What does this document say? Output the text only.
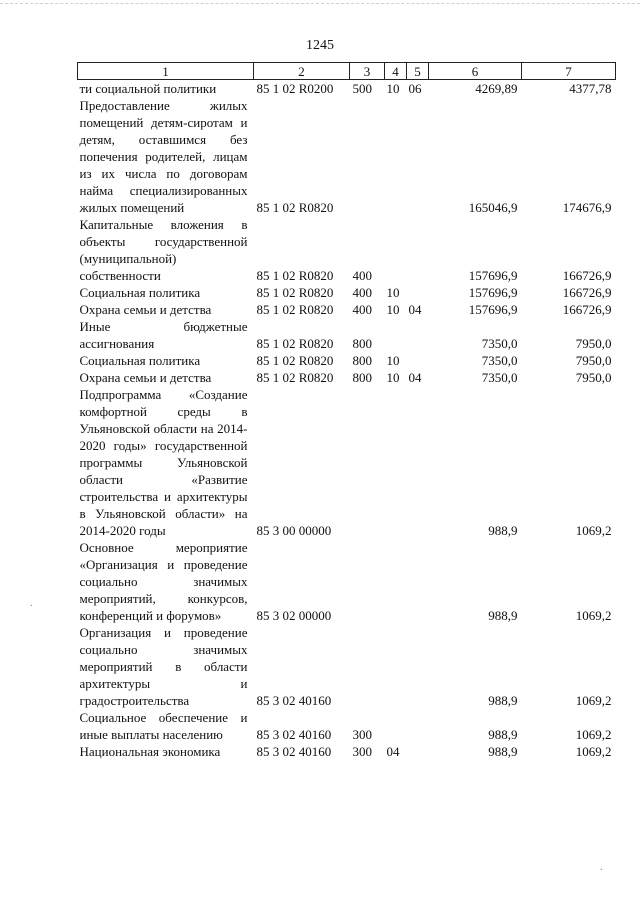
1245
1	2	3	4	5	6	7
ти социальной политики	85 1 02 R0200	500	10	06	4269,89	4377,78
Предоставление жилых помещений детям-сиротам и детям, оставшимся без попечения родителей, лицам из их числа по договорам найма специализированных жилых помещений	85 1 02 R0820				165046,9	174676,9
Капитальные вложения в объекты государственной (муниципальной) собственности	85 1 02 R0820	400			157696,9	166726,9
Социальная политика	85 1 02 R0820	400	10		157696,9	166726,9
Охрана семьи и детства	85 1 02 R0820	400	10	04	157696,9	166726,9
Иные бюджетные ассигнования	85 1 02 R0820	800			7350,0	7950,0
Социальная политика	85 1 02 R0820	800	10		7350,0	7950,0
Охрана семьи и детства	85 1 02 R0820	800	10	04	7350,0	7950,0
Подпрограмма «Создание комфортной среды в Ульяновской области на 2014-2020 годы» государственной программы Ульяновской области «Развитие строительства и архитектуры в Ульяновской области» на 2014-2020 годы	85 3 00 00000				988,9	1069,2
Основное мероприятие «Организация и проведение социально значимых мероприятий, конкурсов, конференций и форумов»	85 3 02 00000				988,9	1069,2
Организация и проведение социально значимых мероприятий в области архитектуры и градостроительства	85 3 02 40160				988,9	1069,2
Социальное обеспечение и иные выплаты населению	85 3 02 40160	300			988,9	1069,2
Национальная экономика	85 3 02 40160	300	04		988,9	1069,2
.
.
